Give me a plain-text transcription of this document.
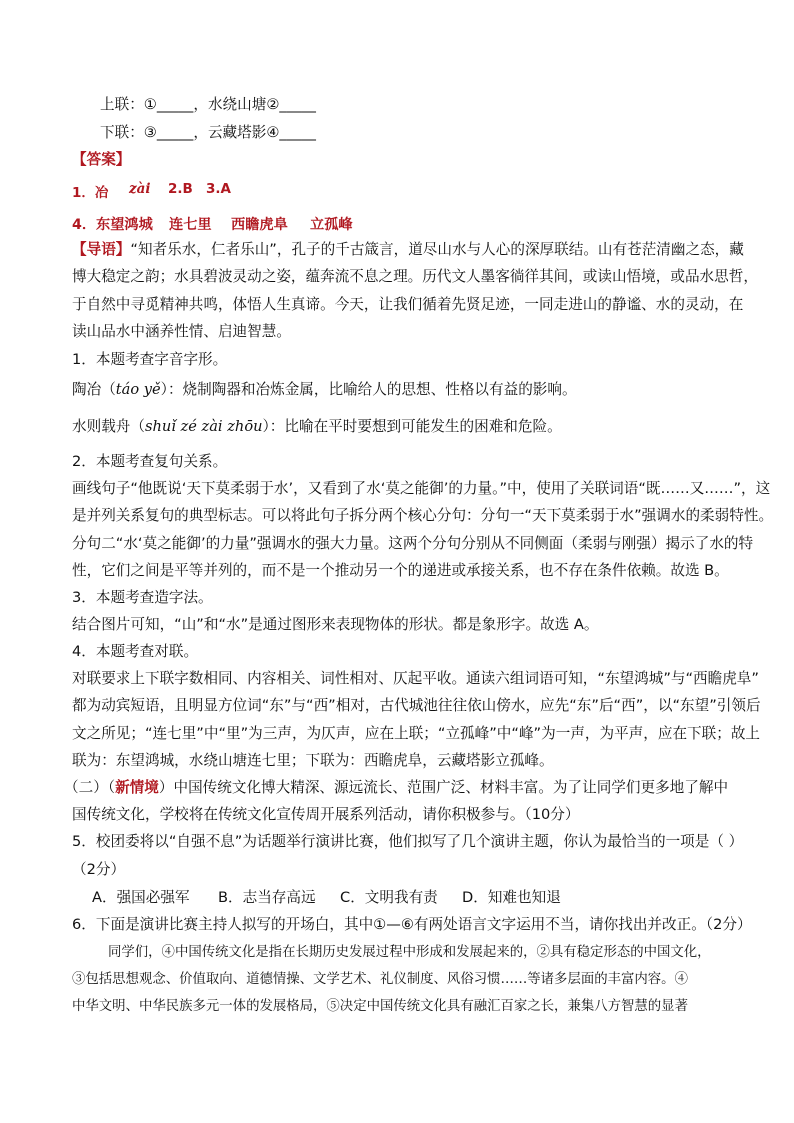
上联：①_____，水绕山塘②_____
下联：③_____，云藏塔影④_____
【答案】
1．冶 zài 2.B 3.A
4．东望鸿城 连七里 西瞻虎阜 立孤峰
【导语】“知者乐水，仁者乐山”，孔子的千古箴言，道尽山水与人心的深厚联结。山有苍茫清幽之态，藏
博大稳定之韵；水具碧波灵动之姿，蕴奔流不息之理。历代文人墨客徜徉其间，或读山悟境，或品水思哲，
于自然中寻觅精神共鸣，体悟人生真谛。今天，让我们循着先贤足迹，一同走进山的静谧、水的灵动，在
读山品水中涵养性情、启迪智慧。
1．本题考查字音字形。
陶冶（táo yě）：烧制陶器和冶炼金属，比喻给人的思想、性格以有益的影响。
水则载舟（shuǐ zé zài zhōu）：比喻在平时要想到可能发生的困难和危险。
2．本题考查复句关系。
画线句子“他既说‘天下莫柔弱于水’，又看到了水‘莫之能御’的力量。”中，使用了关联词语“既……又……”，这
是并列关系复句的典型标志。可以将此句子拆分两个核心分句：分句一“天下莫柔弱于水”强调水的柔弱特性。
分句二“水‘莫之能御’的力量”强调水的强大力量。这两个分句分别从不同侧面（柔弱与刚强）揭示了水的特
性，它们之间是平等并列的，而不是一个推动另一个的递进或承接关系，也不存在条件依赖。故选 B。
3．本题考查造字法。
结合图片可知，“山”和“水”是通过图形来表现物体的形状。都是象形字。故选 A。
4．本题考查对联。
对联要求上下联字数相同、内容相关、词性相对、仄起平收。通读六组词语可知，“东望鸿城”与“西瞻虎阜”
都为动宾短语，且明显方位词“东”与“西”相对，古代城池往往依山傍水，应先“东”后“西”，以“东望”引领后
文之所见；“连七里”中“里”为三声，为仄声，应在上联；“立孤峰”中“峰”为一声，为平声，应在下联；故上
联为：东望鸿城，水绕山塘连七里；下联为：西瞻虎阜，云藏塔影立孤峰。
（二）（新情境）中国传统文化博大精深、源远流长、范围广泛、材料丰富。为了让同学们更多地了解中
国传统文化，学校将在传统文化宣传周开展系列活动，请你积极参与。（10分）
5．校团委将以“自强不息”为话题举行演讲比赛，他们拟写了几个演讲主题，你认为最恰当的一项是（ ）
（2分）
A．强国必强军 B．志当存高远 C．文明我有责 D．知难也知退
6．下面是演讲比赛主持人拟写的开场白，其中①—⑥有两处语言文字运用不当，请你找出并改正。（2分）
同学们，④中国传统文化是指在长期历史发展过程中形成和发展起来的，②具有稳定形态的中国文化，
③包括思想观念、价值取向、道德情操、文学艺术、礼仪制度、风俗习惯……等诸多层面的丰富内容。④
中华文明、中华民族多元一体的发展格局，⑤决定中国传统文化具有融汇百家之长，兼集八方智慧的显著
